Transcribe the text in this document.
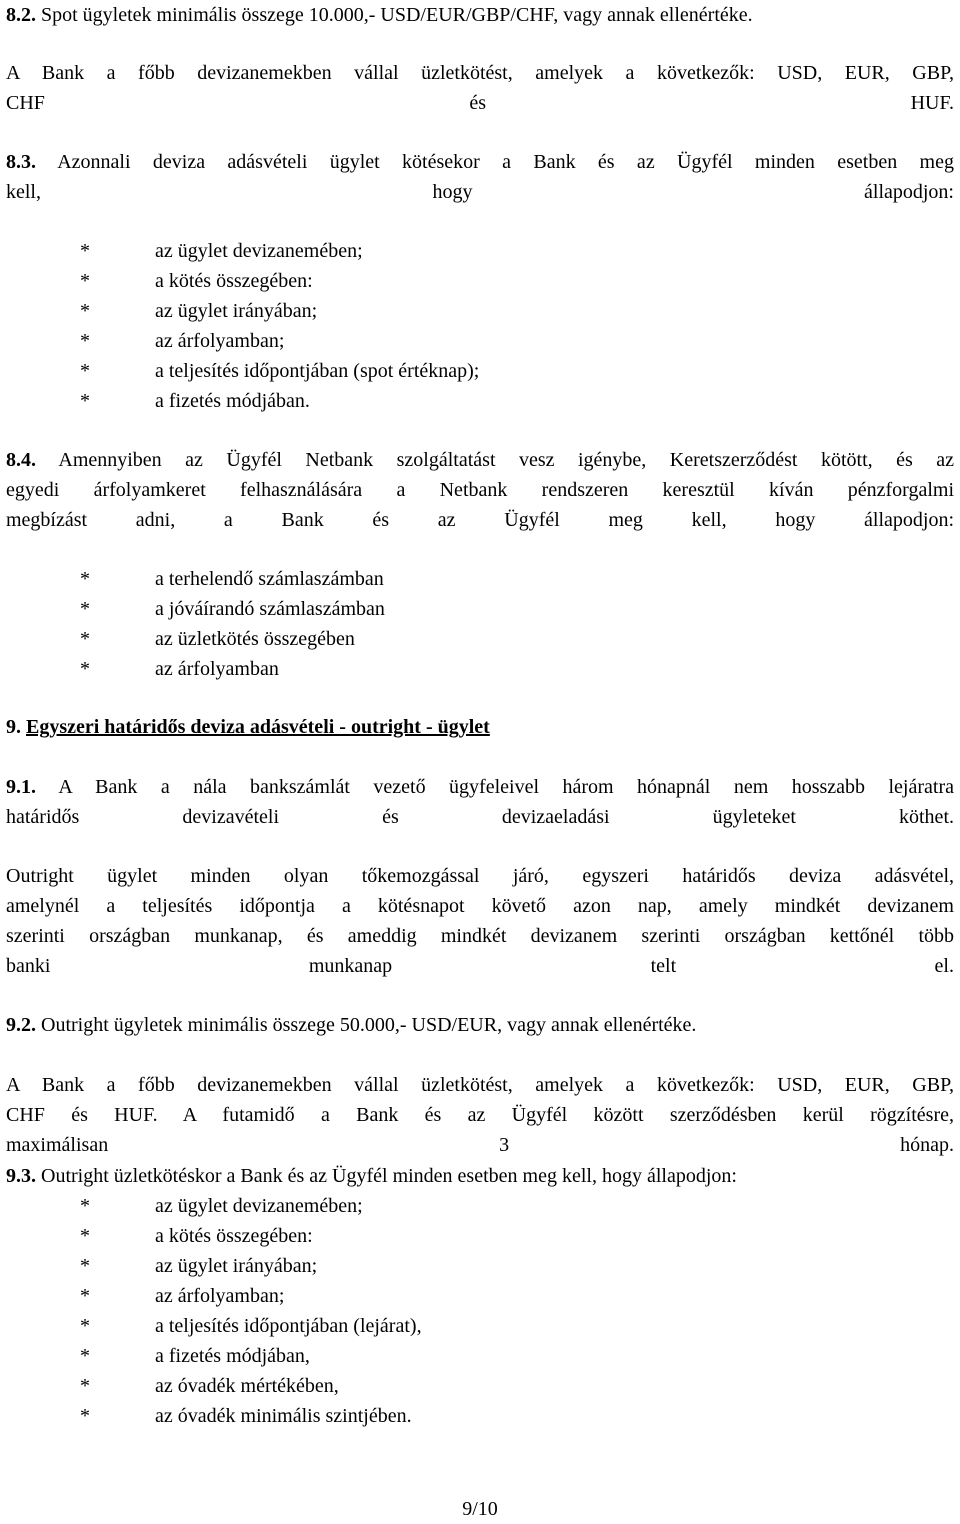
8.2. Spot ügyletek minimális összege 10.000,- USD/EUR/GBP/CHF, vagy annak ellenértéke.

A Bank a főbb devizanemekben vállal üzletkötést, amelyek a következők: USD, EUR, GBP,
CHF és HUF.

8.3. Azonnali deviza adásvételi ügylet kötésekor a Bank és az Ügyfél minden esetben meg
kell, hogy állapodjon:

*	az ügylet devizanemében;
*	a kötés összegében:
*	az ügylet irányában;
*	az árfolyamban;
*	a teljesítés időpontjában (spot értéknap);
*	a fizetés módjában.

8.4. Amennyiben az Ügyfél Netbank szolgáltatást vesz igénybe, Keretszerződést kötött, és az
egyedi árfolyamkeret felhasználására a Netbank rendszeren keresztül kíván pénzforgalmi
megbízást adni, a Bank és az Ügyfél meg kell, hogy állapodjon:

*	a terhelendő számlaszámban
*	a jóváírandó számlaszámban
*	az üzletkötés összegében
*	az árfolyamban

9. Egyszeri határidős deviza adásvételi - outright - ügylet

9.1. A Bank a nála bankszámlát vezető ügyfeleivel három hónapnál nem hosszabb lejáratra
határidős devizavételi és devizaeladási ügyleteket köthet.

Outright ügylet minden olyan tőkemozgással járó, egyszeri határidős deviza adásvétel,
amelynél a teljesítés időpontja a kötésnapot követő azon nap, amely mindkét devizanem
szerinti országban munkanap, és ameddig mindkét devizanem szerinti országban kettőnél több
banki munkanap telt el.

9.2. Outright ügyletek minimális összege 50.000,- USD/EUR, vagy annak ellenértéke.

A Bank a főbb devizanemekben vállal üzletkötést, amelyek a következők: USD, EUR, GBP,
CHF és HUF. A futamidő a Bank és az Ügyfél között szerződésben kerül rögzítésre,
maximálisan 3 hónap.

9.3. Outright üzletkötéskor a Bank és az Ügyfél minden esetben meg kell, hogy állapodjon:

*	az ügylet devizanemében;
*	a kötés összegében:
*	az ügylet irányában;
*	az árfolyamban;
*	a teljesítés időpontjában (lejárat),
*	a fizetés módjában,
*	az óvadék mértékében,
*	az óvadék minimális szintjében.
9/10
